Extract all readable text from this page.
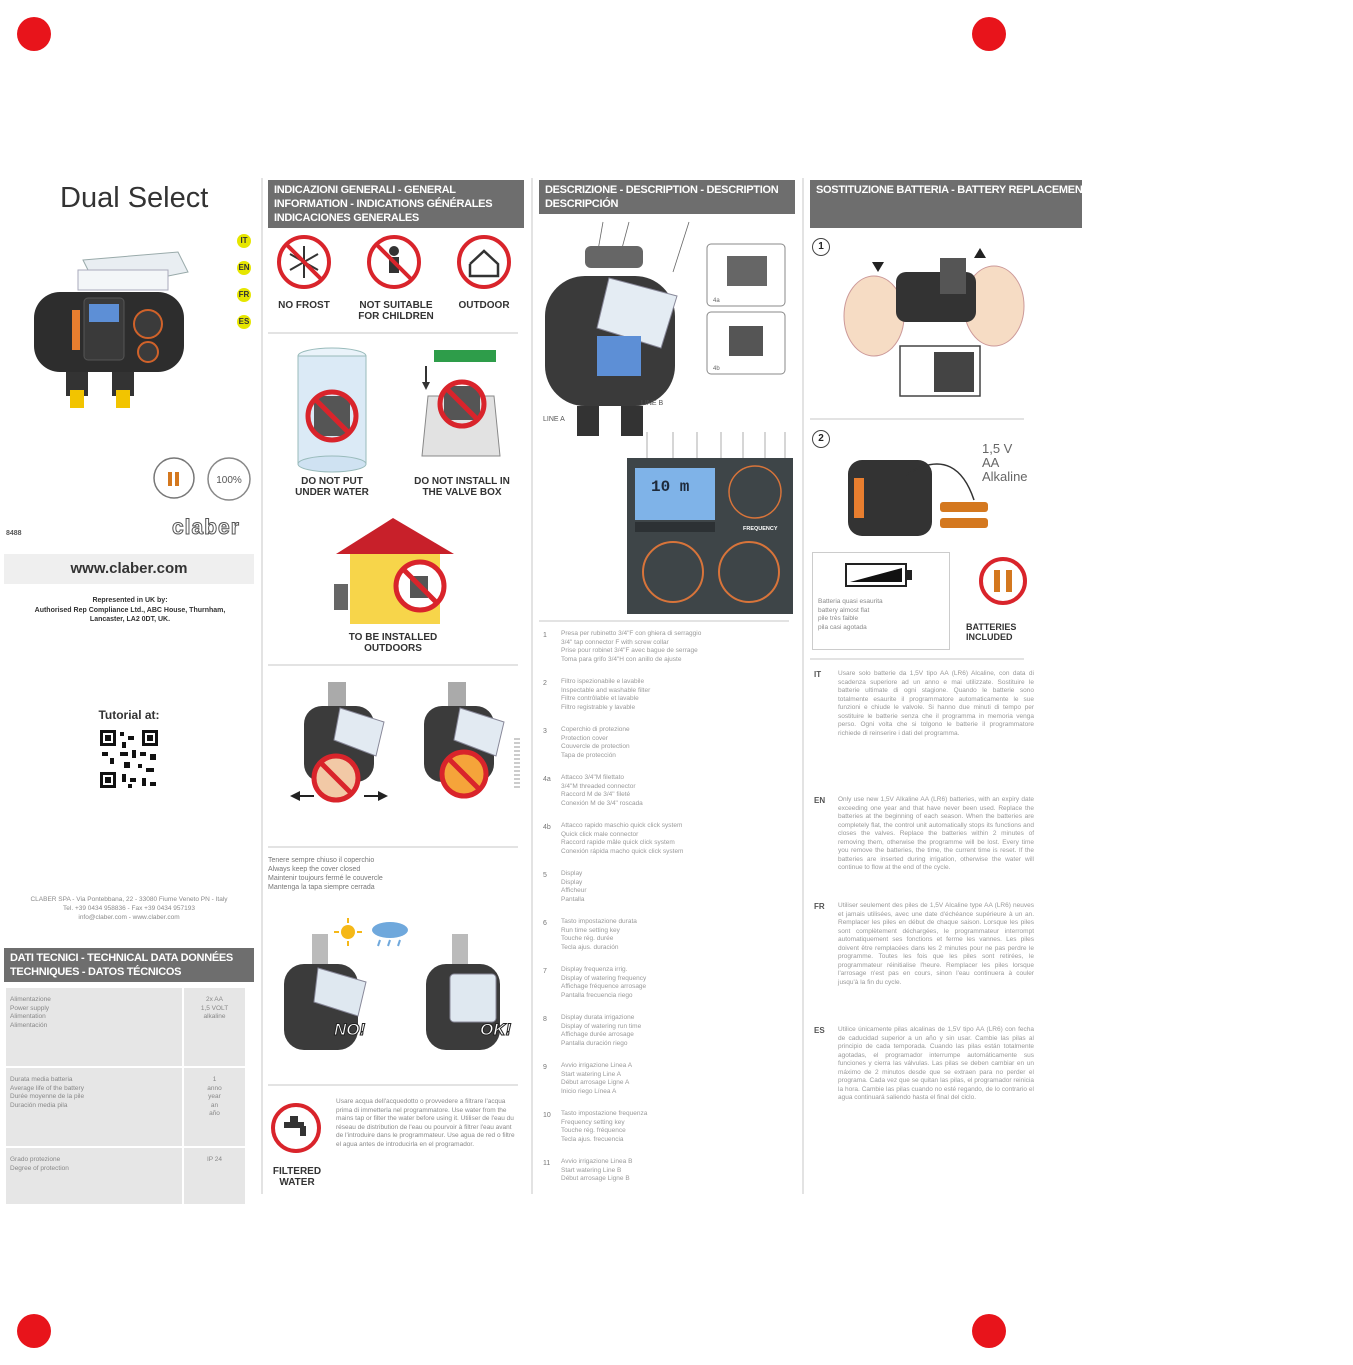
Dual Select
IT
EN
FR
ES
100%
8488	claber
www.claber.com
Represented in UK by:
Authorised Rep Compliance Ltd., ABC House, Thurnham, Lancaster, LA2 0DT, UK.
Tutorial at:
CLABER SPA - Via Pontebbana, 22 - 33080 Fiume Veneto PN - Italy
Tel. +39 0434 958836 - Fax +39 0434 957193
info@claber.com - www.claber.com
DATI TECNICI - TECHNICAL DATA DONNÉES TECHNIQUES - DATOS TÉCNICOS
Alimentazione
Power supply
Alimentation
Alimentación	2x AA
1,5 VOLT
alkaline
Durata media batteria
Average life of the battery
Durée moyenne de la pile
Duración media pila	1
anno
year
an
año
Grado protezione
Degree of protection	IP 24
INDICAZIONI GENERALI - GENERAL INFORMATION - INDICATIONS GÉNÉRALES INDICACIONES GENERALES
NO FROST	NOT SUITABLE FOR CHILDREN
OUTDOOR
DO NOT PUT UNDER WATER
DO NOT INSTALL IN THE VALVE BOX
TO BE INSTALLED OUTDOORS
Tenere sempre chiuso il coperchio
Always keep the cover closed
Maintenir toujours fermé le couvercle
Mantenga la tapa siempre cerrada
NO!	OK!
FILTERED WATER
Usare acqua dell'acquedotto o provvedere a filtrare l'acqua prima di immetterla nel programmatore. Use water from the mains tap or filter the water before using it. Utiliser de l'eau du réseau de distribution de l'eau ou pourvoir à filtrer l'eau avant de l'introduire dans le programmateur. Use agua de red o filtre el agua antes de introducirla en el programador.
DESCRIZIONE - DESCRIPTION - DESCRIPTION DESCRIPCIÓN
4a
4b
LINE A
LINE B
10 m
FREQUENCY
1 Presa per rubinetto 3/4"F con ghiera di serraggio
3/4" tap connector F with screw collar
Prise pour robinet 3/4"F avec bague de serrage
Toma para grifo 3/4"H con anillo de ajuste
2 Filtro ispezionabile e lavabile
Inspectable and washable filter
Filtre contrôlable et lavable
Filtro registrable y lavable
3 Coperchio di protezione
Protection cover
Couvercle de protection
Tapa de protección
4a Attacco 3/4"M filettato
3/4"M threaded connector
Raccord M de 3/4" fileté
Conexión M de 3/4" roscada
4b Attacco rapido maschio quick click system
Quick click male connector
Raccord rapide mâle quick click system
Conexión rápida macho quick click system
5 Display
Display
Afficheur
Pantalla
6 Tasto impostazione durata
Run time setting key
Touche rég. durée
Tecla ajus. duración
7 Display frequenza irrig.
Display of watering frequency
Affichage fréquence arrosage
Pantalla frecuencia riego
8 Display durata irrigazione
Display of watering run time
Affichage durée arrosage
Pantalla duración riego
9 Avvio irrigazione Linea A
Start watering Line A
Début arrosage Ligne A
Inicio riego Línea A
10 Tasto impostazione frequenza
Frequency setting key
Touche rég. fréquence
Tecla ajus. frecuencia
11 Avvio irrigazione Linea B
Start watering Line B
Début arrosage Ligne B
SOSTITUZIONE BATTERIA - BATTERY REPLACEMENT - REMPLACEMENT DE LA PILE CAMBIO DE LA PILA
1
2
1,5 V
AA
Alkaline
Batteria quasi esaurita
battery almost flat
pile très faible
pila casi agotada	BATTERIES INCLUDED
IT	Usare solo batterie da 1,5V tipo AA (LR6) Alcaline, con data di scadenza superiore ad un anno e mai utilizzate. Sostituire le batterie ultimate di ogni stagione. Quando le batterie sono totalmente esaurite il programmatore automaticamente le sue funzioni e chiude le valvole. Si hanno due minuti di tempo per sostituire le batterie senza che il programma in memoria venga perso. Ogni volta che si tolgono le batterie il programmatore richiede di reinserire i dati del programma.
EN Only use new 1,5V Alkaline AA (LR6) batteries, with an expiry date exceeding one year and that have never been used. Replace the batteries at the beginning of each season. When the batteries are completely flat, the control unit automatically stops its functions and closes the valves. Replace the batteries within 2 minutes of removing them, otherwise the programme will be lost. Every time you remove the batteries, the time, the current time is reset. If the batteries are inserted during irrigation, otherwise the water will continue to flow at the end of the cycle.
FR Utiliser seulement des piles de 1,5V Alcaline type AA (LR6) neuves et jamais utilisées, avec une date d'échéance supérieure à un an. Remplacer les piles en début de chaque saison. Lorsque les piles sont complètement déchargées, le programmateur interrompt automatiquement ses fonctions et ferme les vannes. Les piles doivent être remplacées dans les 2 minutes pour ne pas perdre le programme. Toutes les fois que les piles sont retirées, le programmateur réinitialise l'heure. Remplacer les piles lorsque l'arrosage n'est pas en cours, sinon l'eau continuera à couler jusqu'à la fin du cycle.
ES Utilice únicamente pilas alcalinas de 1,5V tipo AA (LR6) con fecha de caducidad superior a un año y sin usar. Cambie las pilas al principio de cada temporada. Cuando las pilas están totalmente agotadas, el programador interrumpe automáticamente sus funciones y cierra las válvulas. Las pilas se deben cambiar en un máximo de 2 minutos desde que se extraen para no perder el programa. Cada vez que se quitan las pilas, el programador reinicia la hora. Cambie las pilas cuando no esté regando, de lo contrario el agua continuará saliendo hasta el final del ciclo.
